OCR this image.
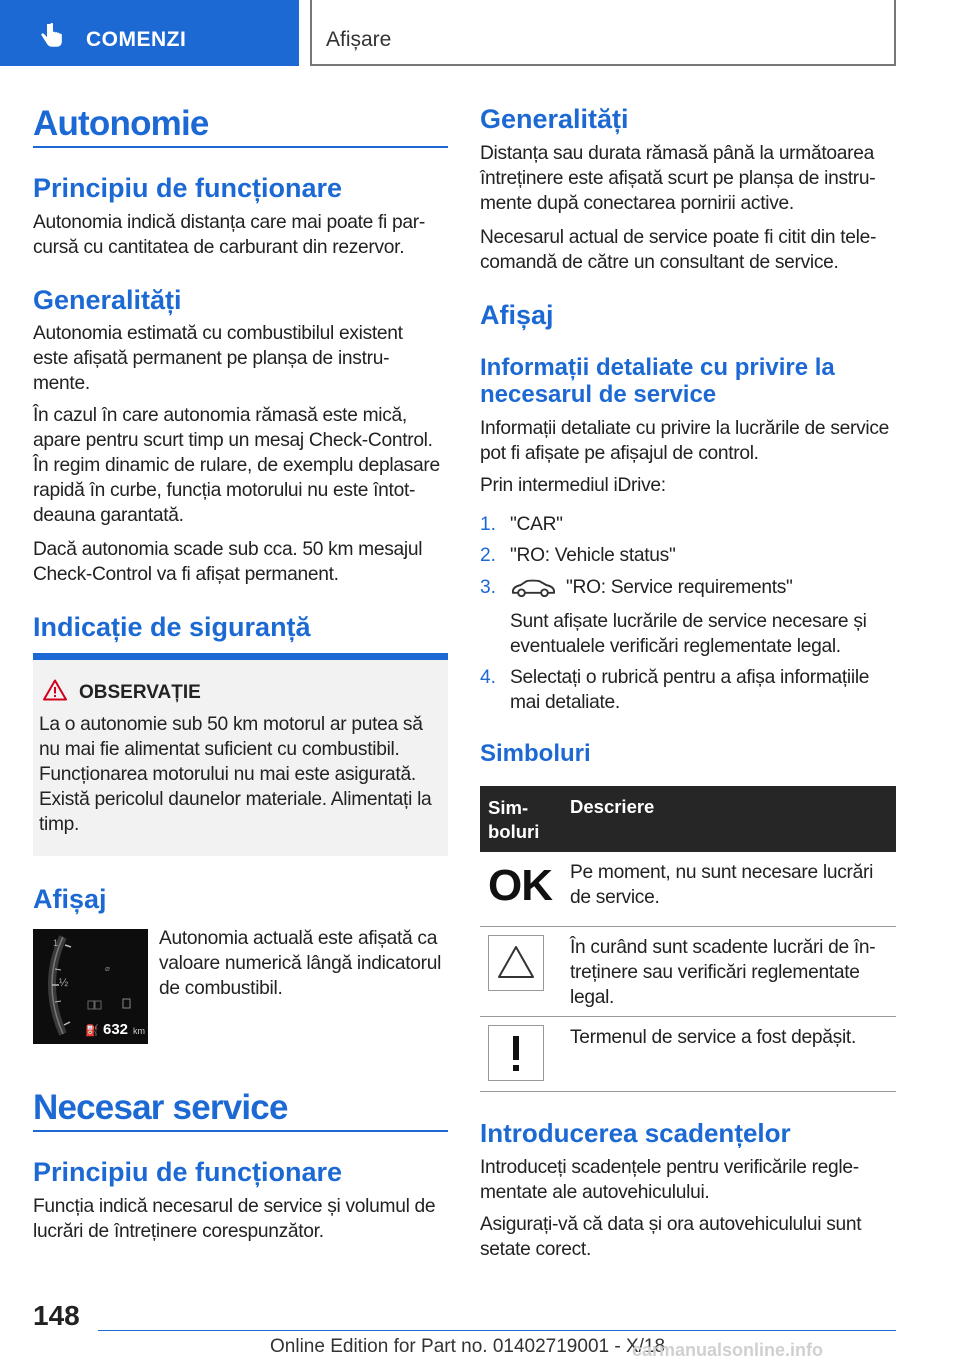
COMENZI	Afișare
Autonomie
Principiu de funcționare
Autonomia indică distanța care mai poate fi parcursă cu cantitatea de carburant din rezervor.
Generalități
Autonomia estimată cu combustibilul existent este afișată permanent pe planșa de instrumente.
În cazul în care autonomia rămasă este mică, apare pentru scurt timp un mesaj Check-Control. În regim dinamic de rulare, de exemplu deplasare rapidă în curbe, funcția motorului nu este întotdeauna garantată.
Dacă autonomia scade sub cca. 50 km mesajul Check-Control va fi afișat permanent.
Indicație de siguranță
OBSERVAȚIE
La o autonomie sub 50 km motorul ar putea să nu mai fie alimentat suficient cu combustibil. Funcționarea motorului nu mai este asigurată. Există pericolul daunelor materiale. Alimentați la timp.
Afișaj
⌀
1
½
⛽ 632 km
Autonomia actuală este afișată ca valoare numerică lângă indicatorul de combustibil.
Necesar service
Principiu de funcționare
Funcția indică necesarul de service și volumul de lucrări de întreținere corespunzător.
Generalități
Distanța sau durata rămasă până la următoarea întreținere este afișată scurt pe planșa de instrumente după conectarea pornirii active.
Necesarul actual de service poate fi citit din telecomandă de către un consultant de service.
Afișaj
Informații detaliate cu privire la necesarul de service
Informații detaliate cu privire la lucrările de service pot fi afișate pe afișajul de control.
Prin intermediul iDrive:
1. "CAR"
2. "RO: Vehicle status"
3.	"RO: Service requirements"
Sunt afișate lucrările de service necesare și eventualele verificări reglementate legal.
4. Selectați o rubrică pentru a afișa informațiile mai detaliate.
Simboluri
Simboluri
Descriere
OK Pe moment, nu sunt necesare lucrări de service.
În curând sunt scadente lucrări de întreținere sau verificări reglementate legal.
Termenul de service a fost depășit.
Introducerea scadențelor
Introduceți scadențele pentru verificările reglementate ale autovehiculului.
Asigurați-vă că data și ora autovehiculului sunt setate corect.
148
Online Edition for Part no. 01402719001 - X/18
carmanualsonline.info
